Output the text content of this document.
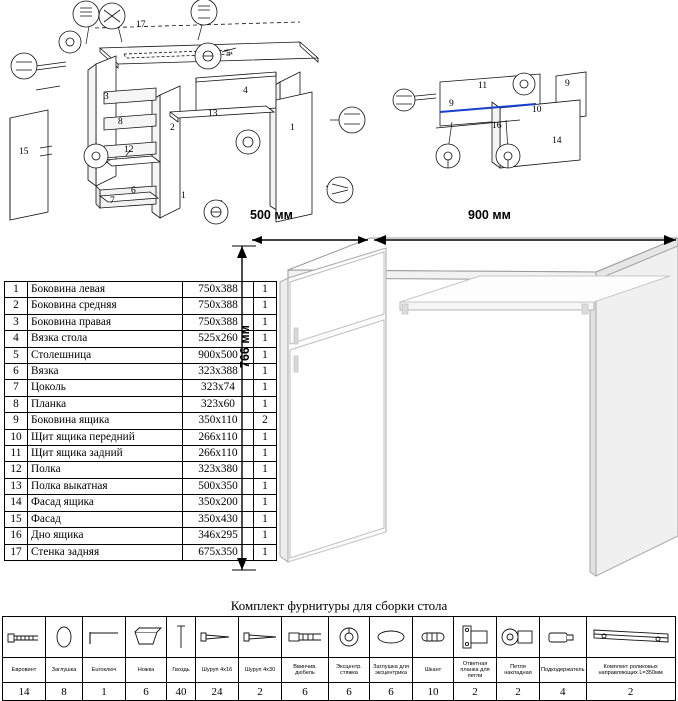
17
5
3
4
8
13
2
12
15
6
7
1
1
11	9
9
10
16
14
1	Боковина левая	750х388	1
2	Боковина средняя	750х388	1
3	Боковина правая	750х388	1
4	Вязка стола	525х260	1
5	Столешница	900х500	1
6	Вязка	323х388	1
7	Цоколь	323х74	1
8	Планка	323х60	1
9	Боковина ящика	350х110	2
10	Щит ящика передний	266х110	1
11	Щит ящика задний	266х110	1
12	Полка	323х380	1
13	Полка выкатная	500х350	1
14	Фасад ящика	350х200	1
15	Фасад	350х430	1
16	Дно ящика	346х295	1
17	Стенка задняя	675х350	1
500 мм	900 мм
766 мм
Комплект фурнитуры для сборки стола

Евровинт	Заглушка	Euroключ	Ножка	Гвоздь	Шуруп 4х16	Шуруп 4х30	Ввинчив. дюбель	Эксцентр. стяжка	Заглушка для эксцентрика	Шкант	Ответная планка для петли	Петля накладная	Подкодержатель	Комплект роликовых направляющих L=350мм
14	8	1	6	40	24	2	6	6	6	10	2	2	4	2
